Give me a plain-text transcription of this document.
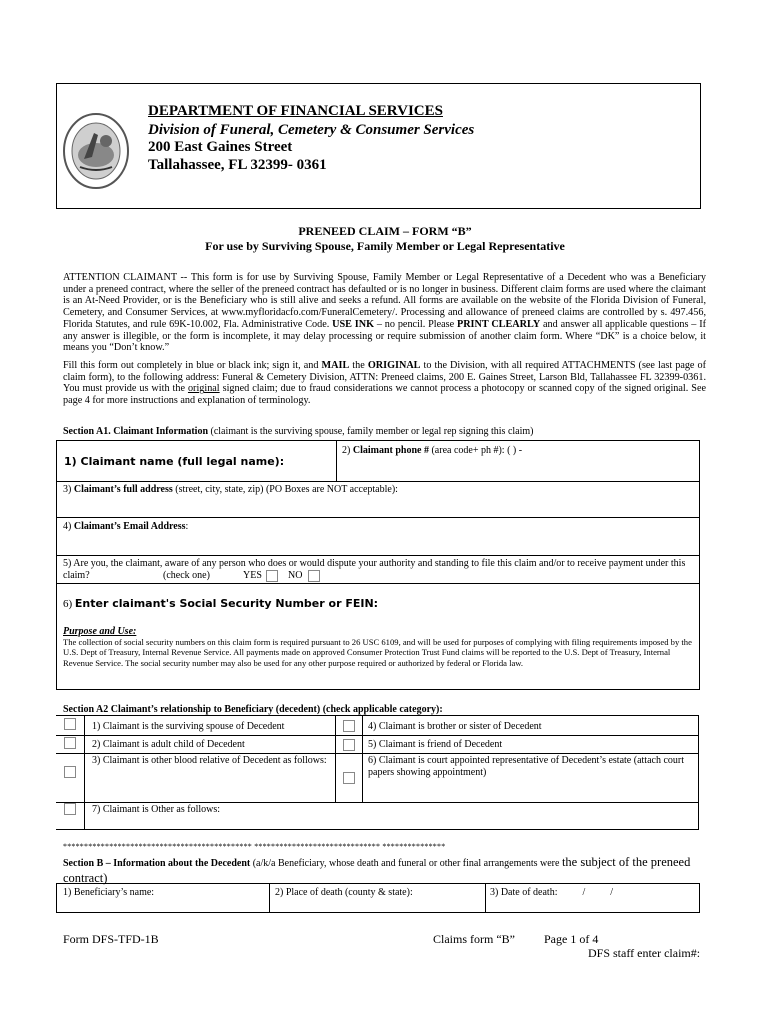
DEPARTMENT OF FINANCIAL SERVICES
Division of Funeral, Cemetery & Consumer Services
200 East Gaines Street
Tallahassee, FL 32399- 0361
PRENEED CLAIM – FORM “B”
For use by Surviving Spouse, Family Member or Legal Representative
ATTENTION CLAIMANT -- This form is for use by Surviving Spouse, Family Member or Legal Representative of a Decedent who was a Beneficiary under a preneed contract, where the seller of the preneed contract has defaulted or is no longer in business. Different claim forms are used where the claimant is an At-Need Provider, or is the Beneficiary who is still alive and seeks a refund. All forms are available on the website of the Florida Division of Funeral, Cemetery, and Consumer Services, at www.myfloridacfo.com/FuneralCemetery/. Processing and allowance of preneed claims are controlled by s. 497.456, Florida Statutes, and rule 69K-10.002, Fla. Administrative Code. USE INK – no pencil. Please PRINT CLEARLY and answer all applicable questions – If any answer is illegible, or the form is incomplete, it may delay processing or require submission of another claim form. Where “DK” is a choice below, it means you “Don’t know.”
Fill this form out completely in blue or black ink; sign it, and MAIL the ORIGINAL to the Division, with all required ATTACHMENTS (see last page of claim form), to the following address: Funeral & Cemetery Division, ATTN: Preneed claims, 200 E. Gaines Street, Larson Bld, Tallahassee FL 32399-0361. You must provide us with the original signed claim; due to fraud considerations we cannot process a photocopy or scanned copy of the signed original. See page 4 for more instructions and explanation of terminology.
Section A1. Claimant Information (claimant is the surviving spouse, family member or legal rep signing this claim)
1) Claimant name (full legal name):
2) Claimant phone # (area code+ ph #): ( ) -
3) Claimant’s full address (street, city, state, zip) (PO Boxes are NOT acceptable):
4) Claimant’s Email Address:
5) Are you, the claimant, aware of any person who does or would dispute your authority and standing to file this claim and/or to receive payment under this
claim?	(check one)	YES	NO
6) Enter claimant's Social Security Number or FEIN:
Purpose and Use:
The collection of social security numbers on this claim form is required pursuant to 26 USC 6109, and will be used for purposes of complying with filing requirements imposed by the U.S. Dept of Treasury, Internal Revenue Service. All payments made on approved Consumer Protection Trust Fund claims will be reported to the U.S. Dept of Treasury, Internal Revenue Service. The social security number may also be used for any other purpose required or authorized by federal or Florida law.
Section A2 Claimant’s relationship to Beneficiary (decedent) (check applicable category):
1) Claimant is the surviving spouse of Decedent	4) Claimant is brother or sister of Decedent
2) Claimant is adult child of Decedent	5) Claimant is friend of Decedent
3) Claimant is other blood relative of Decedent as follows:	6) Claimant is court appointed representative of Decedent’s estate (attach court papers showing appointment)
7) Claimant is Other as follows:
********************************************* ****************************** ***************
Section B – Information about the Decedent (a/k/a Beneficiary, whose death and funeral or other final arrangements were the subject of the preneed contract)
1) Beneficiary’s name:	2) Place of death (county & state):	3) Date of death:          /          /
Form DFS-TFD-1B	Claims form “B” Page 1 of 4
DFS staff enter claim#:
